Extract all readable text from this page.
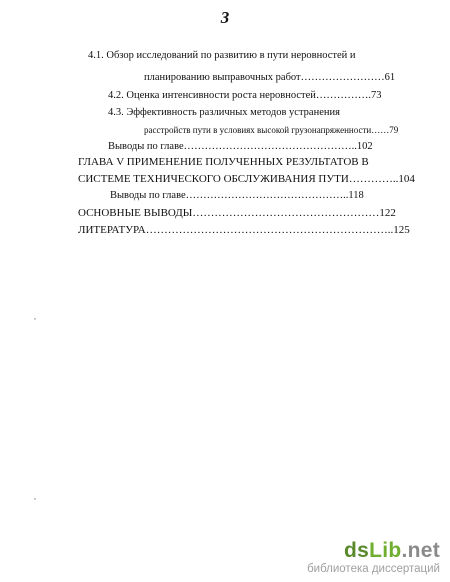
3
4.1. Обзор исследований по развитию в пути неровностей и
планированию выправочных работ……………………61
4.2. Оценка интенсивности роста неровностей…………….73
4.3. Эффективность различных методов устранения
расстройств пути в условиях высокой грузонапряженности……79
Выводы по главе…………………………………………..102
ГЛАВА V ПРИМЕНЕНИЕ ПОЛУЧЕННЫХ РЕЗУЛЬТАТОВ В
СИСТЕМЕ ТЕХНИЧЕСКОГО ОБСЛУЖИВАНИЯ ПУТИ…………..104
Выводы по главе………………………………………..118
ОСНОВНЫЕ ВЫВОДЫ……………………………………………122
ЛИТЕРАТУРА…………………………………………………………..125
,
,
dsLib.net
библиотека диссертаций
